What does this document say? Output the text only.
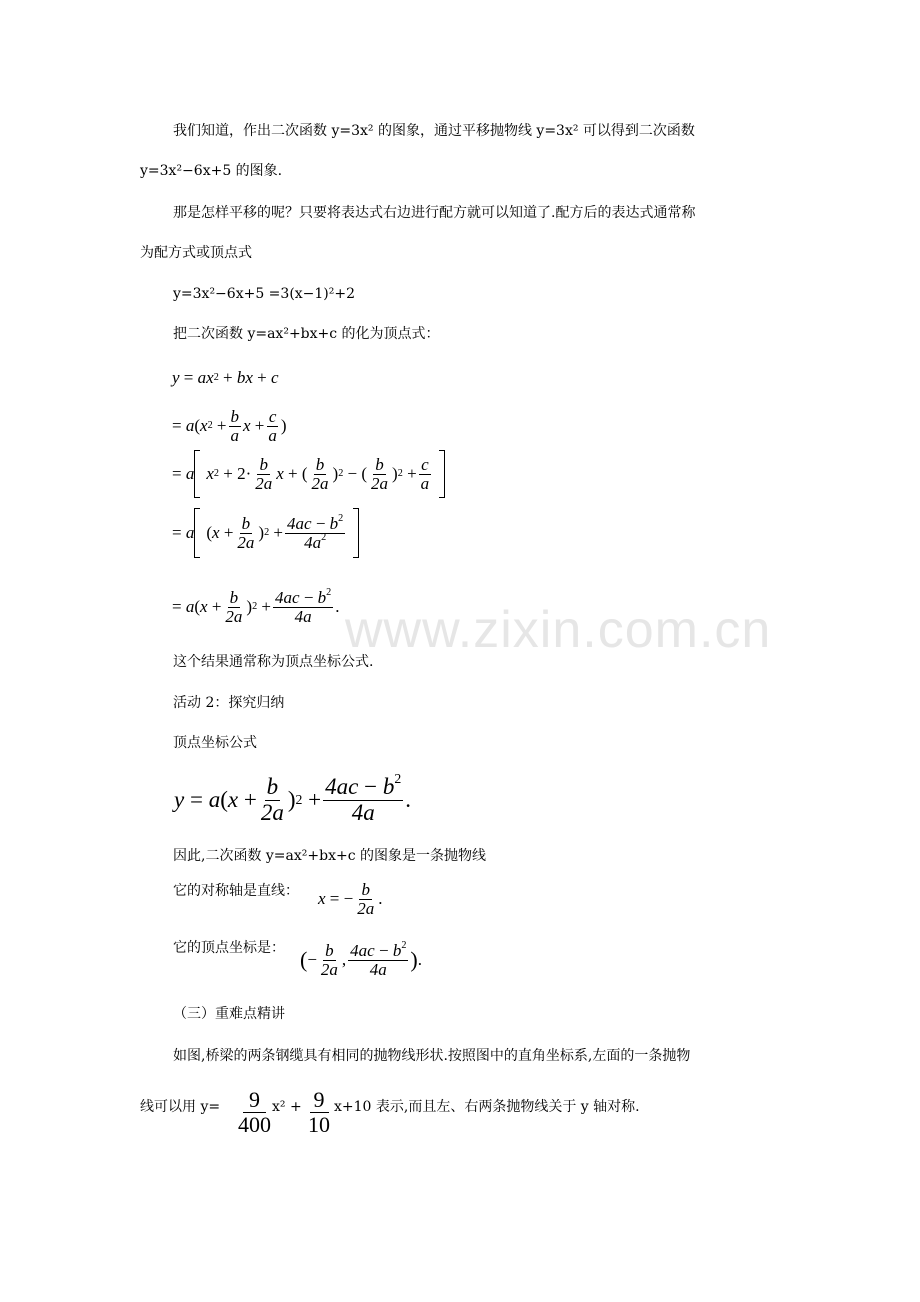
www.zixin.com.cn
我们知道，作出二次函数 y=3x² 的图象，通过平移抛物线 y=3x² 可以得到二次函数
y=3x²−6x+5 的图象.
那是怎样平移的呢？只要将表达式右边进行配方就可以知道了.配方后的表达式通常称
为配方式或顶点式
y=3x²−6x+5 =3(x−1)²+2
把二次函数 y=ax²+bx+c 的化为顶点式：
y = ax 2 + bx + c
= a ( x $2 + \frac{b}{a}$ $x + \frac{c}{a}$ )
= a x $2 + 2\cdot \frac{b}{2a}$ x + ( $\frac{b}{2a}$ ) 2 − ( $\frac{b}{2a}$ ) $2 + \frac{c}{a}$
= a ( $x + \frac{b}{2a}$ ) $2 + \frac{4ac - b^2}{4a^2}$
= a ( $x + \frac{b}{2a}$ ) $2 + \frac{4ac - b^2}{4a}$ .
这个结果通常称为顶点坐标公式.
活动 2：探究归纳
顶点坐标公式
y = a ( $x + \frac{b}{2a}$ ) $2 + \frac{4ac - b^2}{4a}$ .
因此,二次函数 y=ax²+bx+c 的图象是一条抛物线
它的对称轴是直线： x = − $\frac{b}{2a}$ .
它的顶点坐标是： ( − $\frac{b}{2a}$ , $\frac{4ac - b^2}{4a}$ ) .
（三）重难点精讲
如图,桥梁的两条钢缆具有相同的抛物线形状.按照图中的直角坐标系,左面的一条抛物
线可以用 $y= \frac{9}{400}$
$x^2 + \frac{9}{10} x+10$ 表示,而且左、右两条抛物线关于 y 轴对称.
